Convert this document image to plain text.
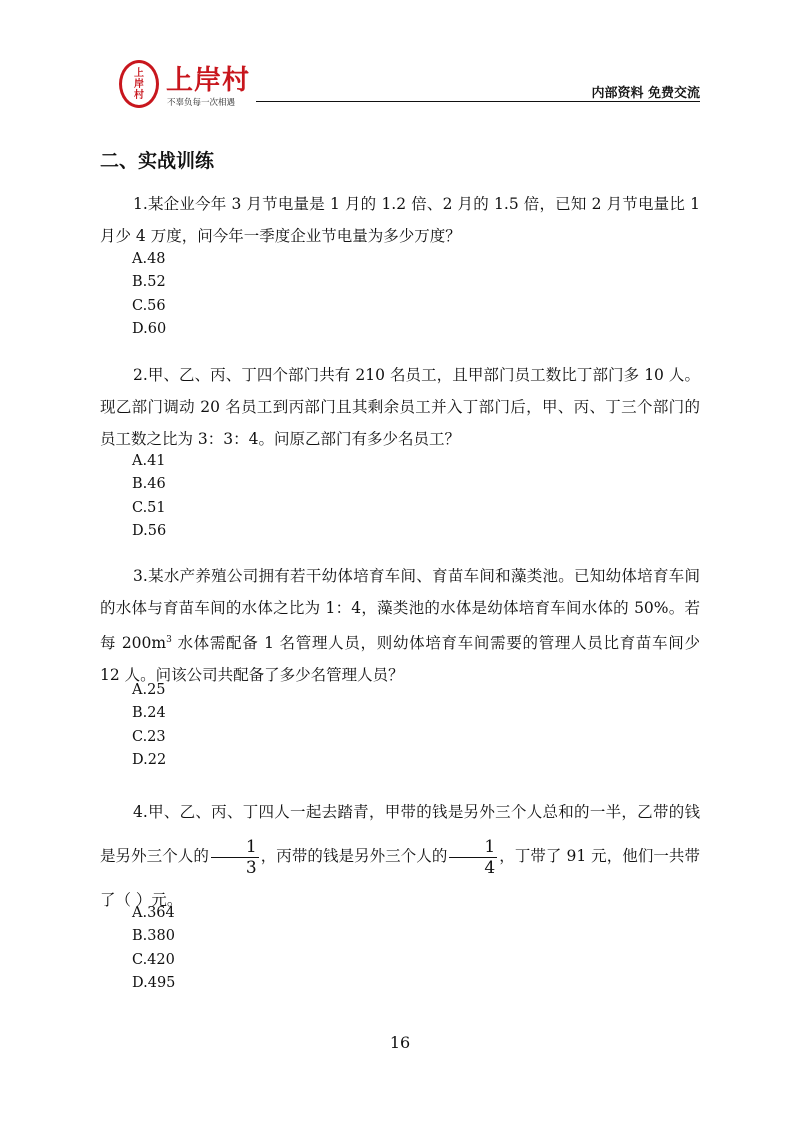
上
岸
村 上岸村
不辜负每一次相遇
内部资料 免费交流
二、实战训练
1.某企业今年 3 月节电量是 1 月的 1.2 倍、2 月的 1.5 倍，已知 2 月节电量比 1 月少 4 万度，问今年一季度企业节电量为多少万度？
A.48
B.52
C.56
D.60
2.甲、乙、丙、丁四个部门共有 210 名员工，且甲部门员工数比丁部门多 10 人。现乙部门调动 20 名员工到丙部门且其剩余员工并入丁部门后，甲、丙、丁三个部门的员工数之比为 3：3：4。问原乙部门有多少名员工？
A.41
B.46
C.51
D.56
3.某水产养殖公司拥有若干幼体培育车间、育苗车间和藻类池。已知幼体培育车间的水体与育苗车间的水体之比为 1：4，藻类池的水体是幼体培育车间水体的 50%。若每 $200m^3$ 水体需配备 1 名管理人员，则幼体培育车间需要的管理人员比育苗车间少 12 人。问该公司共配备了多少名管理人员？
A.25
B.24
C.23
D.22
4.甲、乙、丙、丁四人一起去踏青，甲带的钱是另外三个人总和的一半，乙带的钱是另外三个人的 $\frac{1}{3}$ ，丙带的钱是另外三个人的 $\frac{1}{4}$ ，丁带了 91 元，他们一共带了（ ）元。
A.364
B.380
C.420
D.495
16
